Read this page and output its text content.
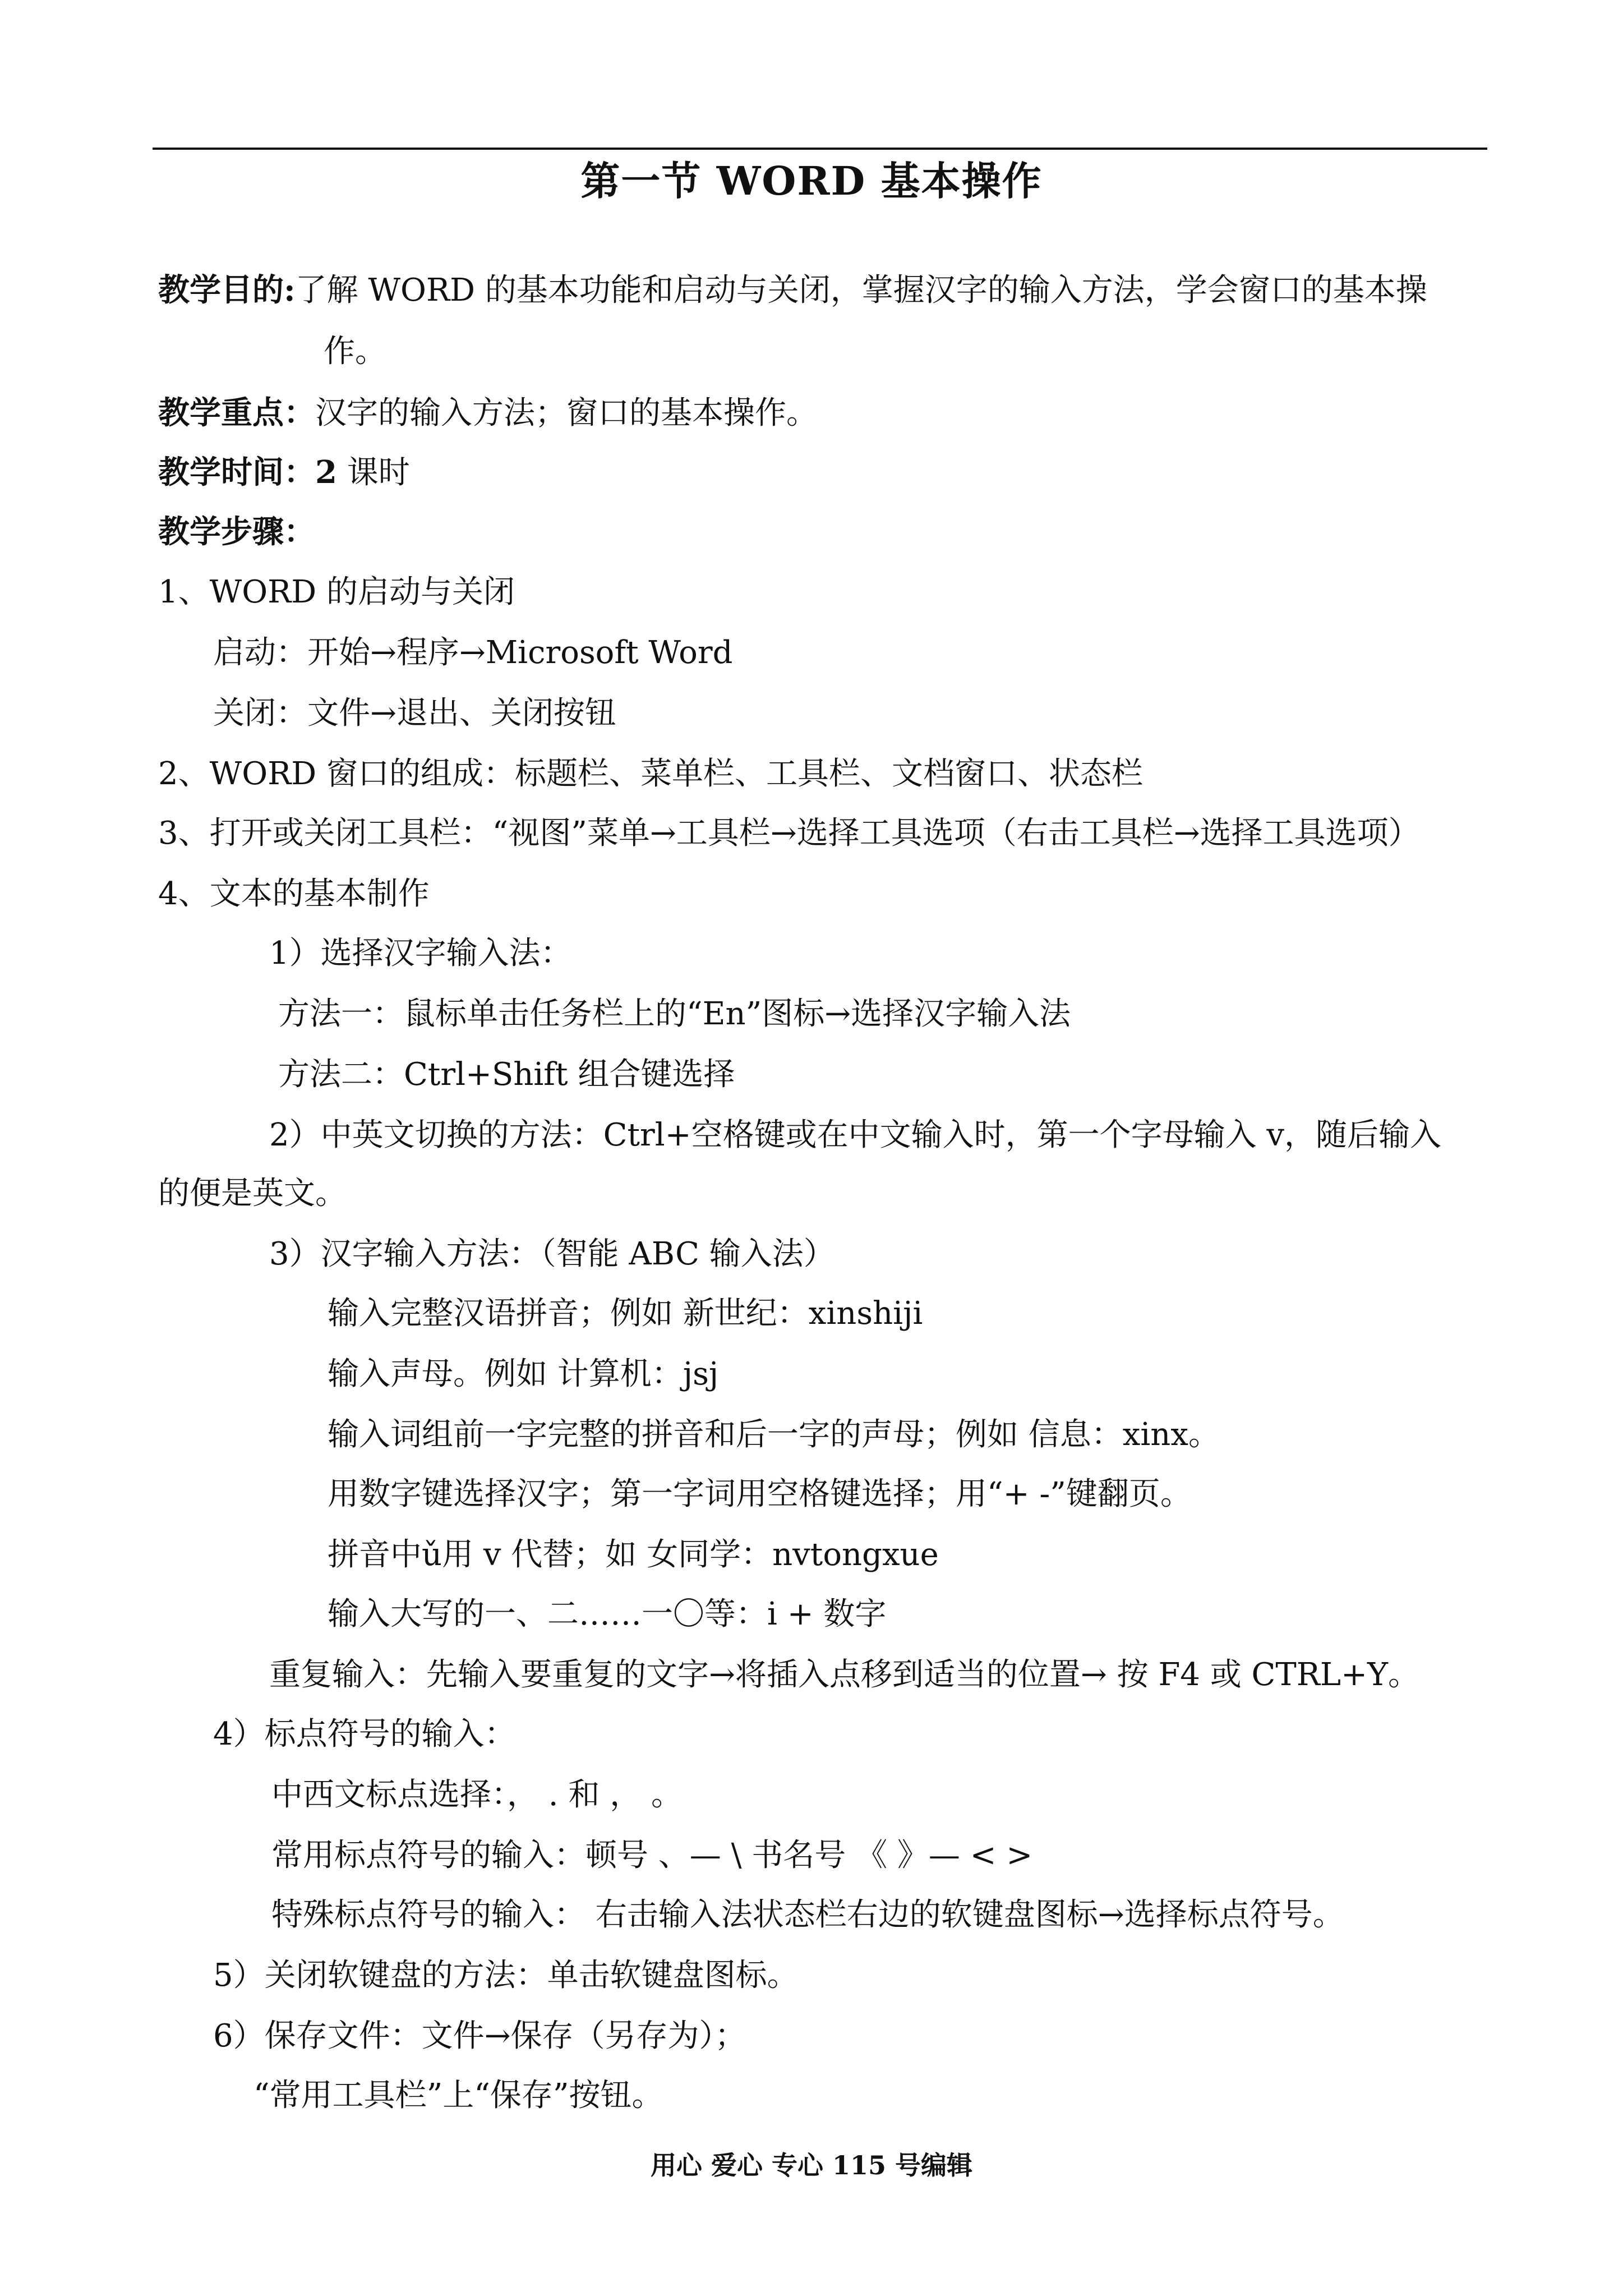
第一节 WORD 基本操作
教学目的:了解 WORD 的基本功能和启动与关闭，掌握汉字的输入方法，学会窗口的基本操
作。
教学重点：汉字的输入方法；窗口的基本操作。
教学时间：2 课时
教学步骤：
1、WORD 的启动与关闭
启动：开始→程序→Microsoft Word
关闭：文件→退出、关闭按钮
2、WORD 窗口的组成：标题栏、菜单栏、工具栏、文档窗口、状态栏
3、打开或关闭工具栏：“视图”菜单→工具栏→选择工具选项（右击工具栏→选择工具选项）
4、文本的基本制作
1）选择汉字输入法：
方法一：鼠标单击任务栏上的“En”图标→选择汉字输入法
方法二：Ctrl+Shift 组合键选择
2）中英文切换的方法：Ctrl+空格键或在中文输入时，第一个字母输入 v，随后输入
的便是英文。
3）汉字输入方法：（智能 ABC 输入法）
输入完整汉语拼音；例如 新世纪：xinshiji
输入声母。例如 计算机：jsj
输入词组前一字完整的拼音和后一字的声母；例如 信息：xinx。
用数字键选择汉字；第一字词用空格键选择；用“+ -”键翻页。
拼音中ǔ用 v 代替；如 女同学：nvtongxue
输入大写的一、二……一〇等：i + 数字
重复输入：先输入要重复的文字→将插入点移到适当的位置→ 按 F4 或 CTRL+Y。
4）标点符号的输入：
中西文标点选择：， . 和 ， 。
常用标点符号的输入：顿号 、— \ 书名号 《 》— < >
特殊标点符号的输入： 右击输入法状态栏右边的软键盘图标→选择标点符号。
5）关闭软键盘的方法：单击软键盘图标。
6）保存文件：文件→保存（另存为）；
“常用工具栏”上“保存”按钮。
用心 爱心 专心 115 号编辑
